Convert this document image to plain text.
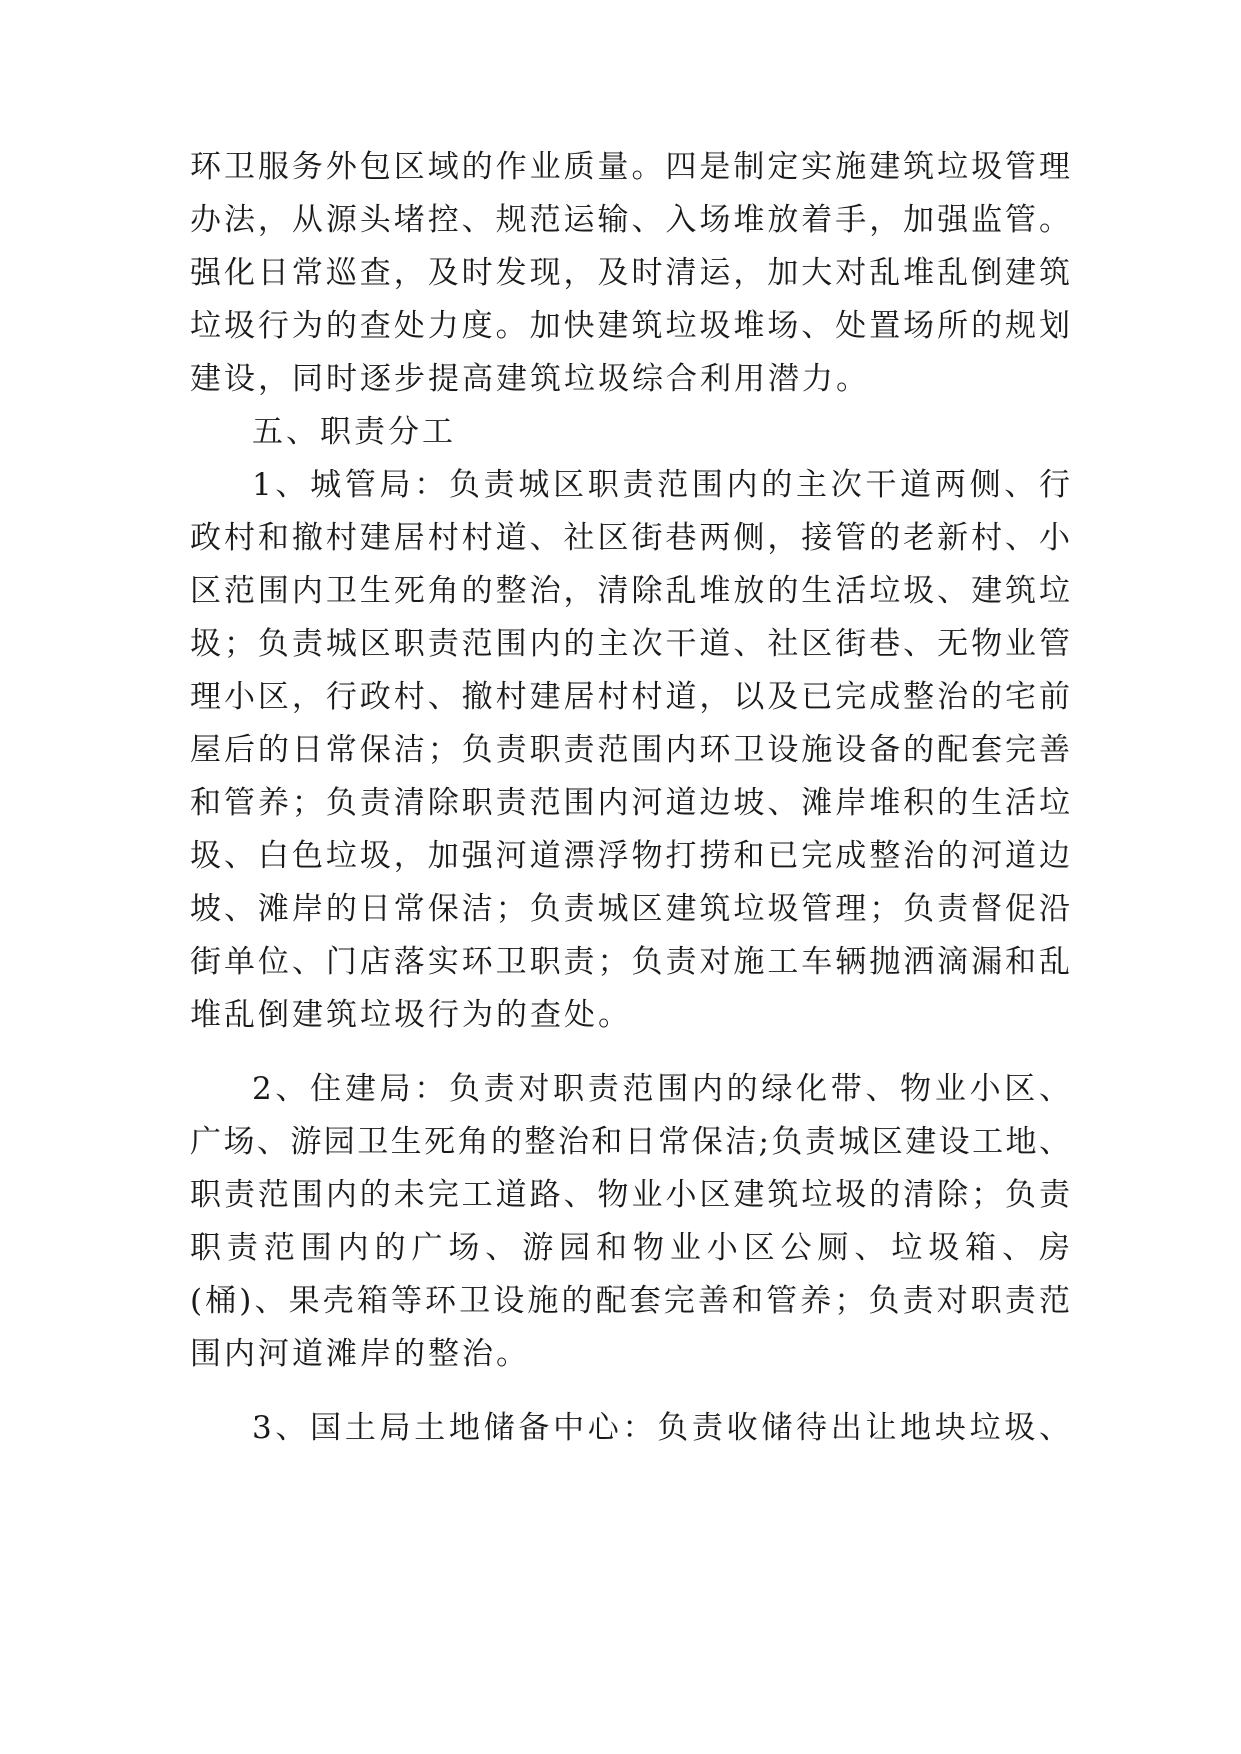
环卫服务外包区域的作业质量。四是制定实施建筑垃圾管理
办法，从源头堵控、规范运输、入场堆放着手，加强监管。
强化日常巡查，及时发现，及时清运，加大对乱堆乱倒建筑
垃圾行为的查处力度。加快建筑垃圾堆场、处置场所的规划
建设，同时逐步提高建筑垃圾综合利用潜力。
五、职责分工
1、城管局：负责城区职责范围内的主次干道两侧、行
政村和撤村建居村村道、社区街巷两侧，接管的老新村、小
区范围内卫生死角的整治，清除乱堆放的生活垃圾、建筑垃
圾；负责城区职责范围内的主次干道、社区街巷、无物业管
理小区，行政村、撤村建居村村道，以及已完成整治的宅前
屋后的日常保洁；负责职责范围内环卫设施设备的配套完善
和管养；负责清除职责范围内河道边坡、滩岸堆积的生活垃
圾、白色垃圾，加强河道漂浮物打捞和已完成整治的河道边
坡、滩岸的日常保洁；负责城区建筑垃圾管理；负责督促沿
街单位、门店落实环卫职责；负责对施工车辆抛洒滴漏和乱
堆乱倒建筑垃圾行为的查处。
2、住建局：负责对职责范围内的绿化带、物业小区、
广场、游园卫生死角的整治和日常保洁;负责城区建设工地、
职责范围内的未完工道路、物业小区建筑垃圾的清除；负责
职责范围内的广场、游园和物业小区公厕、垃圾箱、房
(桶)、果壳箱等环卫设施的配套完善和管养；负责对职责范
围内河道滩岸的整治。
3、国土局土地储备中心：负责收储待出让地块垃圾、
